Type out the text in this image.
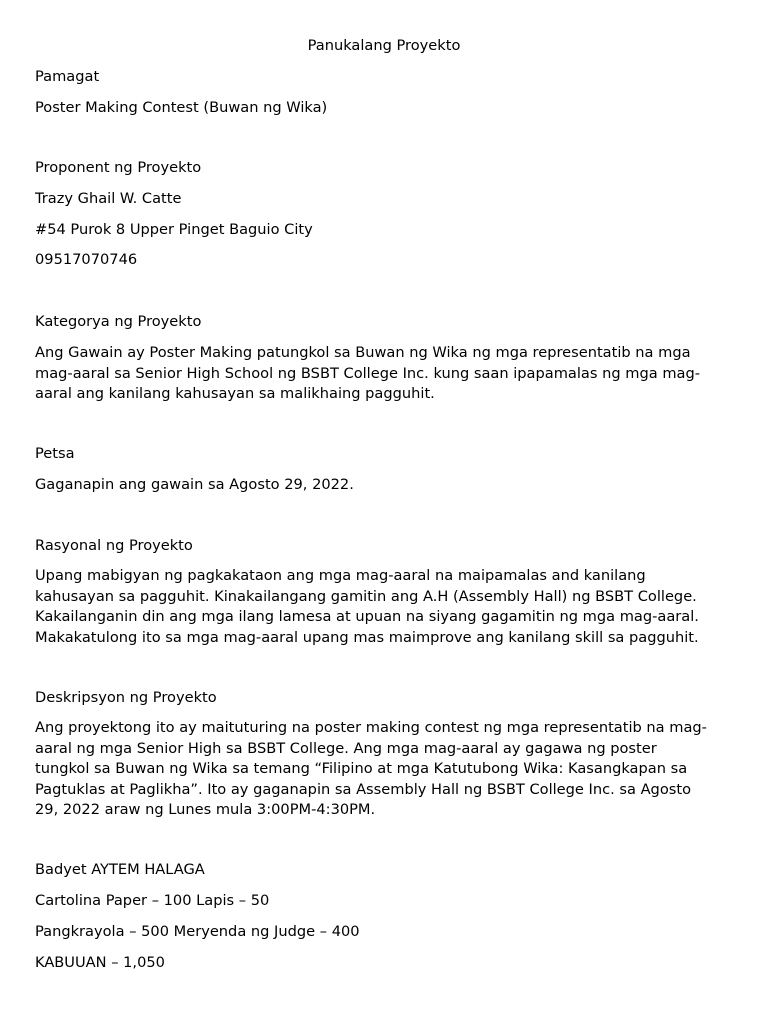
Panukalang Proyekto

Pamagat

Poster Making Contest (Buwan ng Wika)

Proponent ng Proyekto

Trazy Ghail W. Catte

#54 Purok 8 Upper Pinget Baguio City

09517070746

Kategorya ng Proyekto

Ang Gawain ay Poster Making patungkol sa Buwan ng Wika ng mga representatib na mga
mag-aaral sa Senior High School ng BSBT College Inc. kung saan ipapamalas ng mga mag-
aaral ang kanilang kahusayan sa malikhaing pagguhit.

Petsa

Gaganapin ang gawain sa Agosto 29, 2022.

Rasyonal ng Proyekto

Upang mabigyan ng pagkakataon ang mga mag-aaral na maipamalas and kanilang
kahusayan sa pagguhit. Kinakailangang gamitin ang A.H (Assembly Hall) ng BSBT College.
Kakailanganin din ang mga ilang lamesa at upuan na siyang gagamitin ng mga mag-aaral.
Makakatulong ito sa mga mag-aaral upang mas maimprove ang kanilang skill sa pagguhit.

Deskripsyon ng Proyekto

Ang proyektong ito ay maituturing na poster making contest ng mga representatib na mag-
aaral ng mga Senior High sa BSBT College. Ang mga mag-aaral ay gagawa ng poster
tungkol sa Buwan ng Wika sa temang “Filipino at mga Katutubong Wika: Kasangkapan sa
Pagtuklas at Paglikha”. Ito ay gaganapin sa Assembly Hall ng BSBT College Inc. sa Agosto
29, 2022 araw ng Lunes mula 3:00PM-4:30PM.

Badyet AYTEM HALAGA

Cartolina Paper – 100 Lapis – 50

Pangkrayola – 500 Meryenda ng Judge – 400

KABUUAN – 1,050
